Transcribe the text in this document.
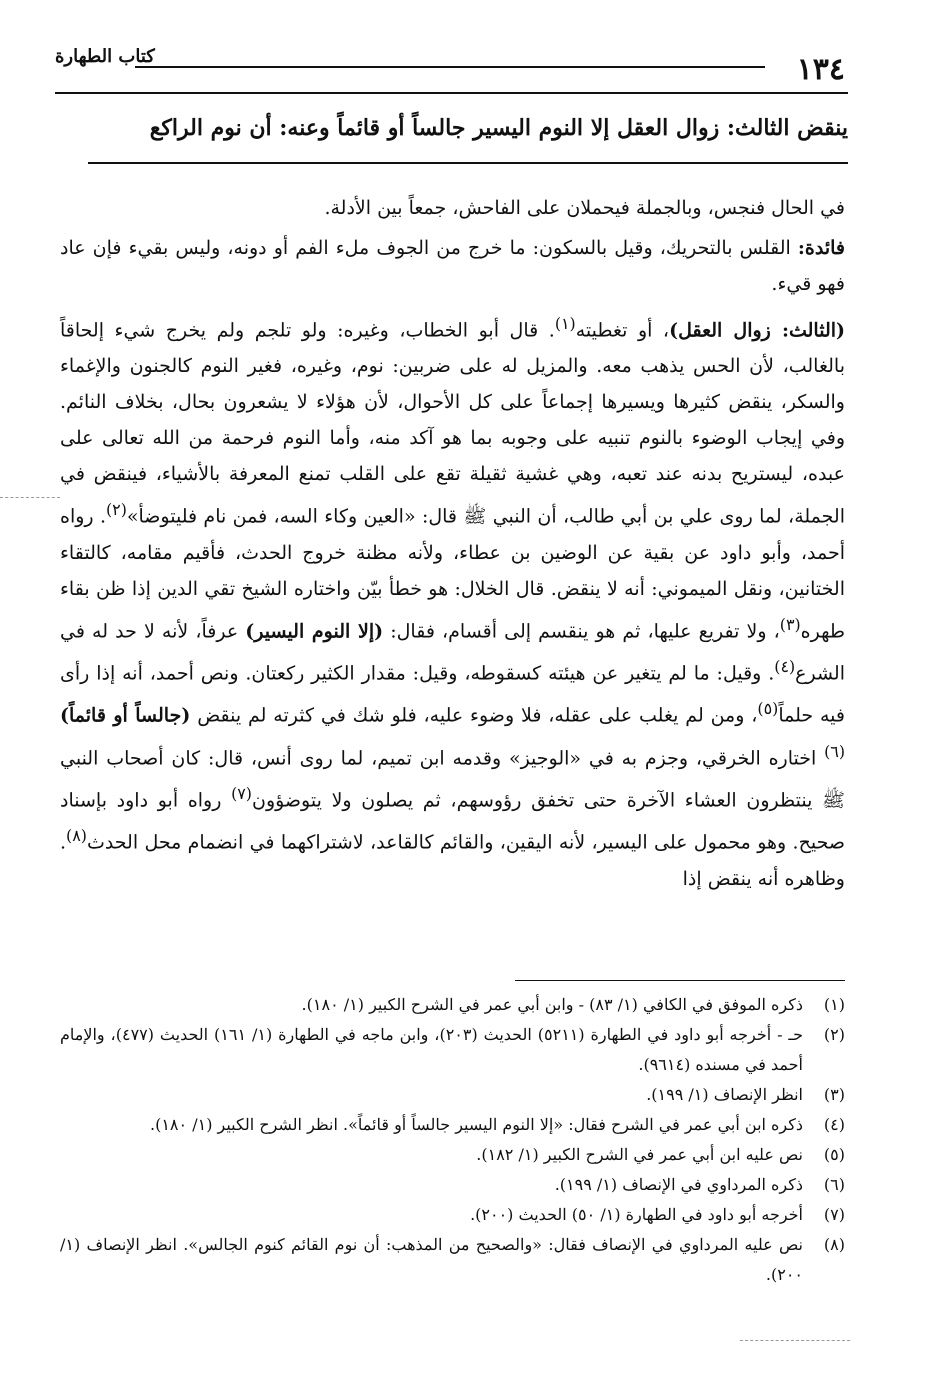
١٣٤
كتاب الطهارة
ينقض الثالث: زوال العقل إلا النوم اليسير جالساً أو قائماً وعنه: أن نوم الراكع

في الحال فنجس، وبالجملة فيحملان على الفاحش، جمعاً بين الأدلة.

فائدة: القلس بالتحريك، وقيل بالسكون: ما خرج من الجوف ملء الفم أو دونه، وليس بقيء فإن عاد فهو قيء.

(الثالث: زوال العقل)، أو تغطيته$^{(١)}$. قال أبو الخطاب، وغيره: ولو تلجم ولم يخرج شيء إلحاقاً بالغالب، لأن الحس يذهب معه. والمزيل له على ضربين: نوم، وغيره، فغير النوم كالجنون والإغماء والسكر، ينقض كثيرها ويسيرها إجماعاً على كل الأحوال، لأن هؤلاء لا يشعرون بحال، بخلاف النائم. وفي إيجاب الوضوء بالنوم تنبيه على وجوبه بما هو آكد منه، وأما النوم فرحمة من الله تعالى على عبده، ليستريح بدنه عند تعبه، وهي غشية ثقيلة تقع على القلب تمنع المعرفة بالأشياء، فينقض في الجملة، لما روى علي بن أبي طالب، أن النبي ﷺ قال: «العين وكاء السه، فمن نام فليتوضأ»$^{(٢)}$. رواه أحمد، وأبو داود عن بقية عن الوضين بن عطاء، ولأنه مظنة خروج الحدث، فأقيم مقامه، كالتقاء الختانين، ونقل الميموني: أنه لا ينقض. قال الخلال: هو خطأ بيّن واختاره الشيخ تقي الدين إذا ظن بقاء طهره$^{(٣)}$، ولا تفريع عليها، ثم هو ينقسم إلى أقسام، فقال: (إلا النوم اليسير) عرفاً، لأنه لا حد له في الشرع$^{(٤)}$. وقيل: ما لم يتغير عن هيئته كسقوطه، وقيل: مقدار الكثير ركعتان. ونص أحمد، أنه إذا رأى فيه حلماً$^{(٥)}$، ومن لم يغلب على عقله، فلا وضوء عليه، فلو شك في كثرته لم ينقض (جالساً أو قائماً)$^{(٦)}$ اختاره الخرقي، وجزم به في «الوجيز» وقدمه ابن تميم، لما روى أنس، قال: كان أصحاب النبي ﷺ ينتظرون العشاء الآخرة حتى تخفق رؤوسهم، ثم يصلون ولا يتوضؤون$^{(٧)}$ رواه أبو داود بإسناد صحيح. وهو محمول على اليسير، لأنه اليقين، والقائم كالقاعد، لاشتراكهما في انضمام محل الحدث$^{(٨)}$. وظاهره أنه ينقض إذا

(١)
ذكره الموفق في الكافي (١/ ٨٣) - وابن أبي عمر في الشرح الكبير (١/ ١٨٠).
(٢)
حـ - أخرجه أبو داود في الطهارة (٥٢١١) الحديث (٢٠٣)، وابن ماجه في الطهارة (١/ ١٦١) الحديث (٤٧٧)، والإمام أحمد في مسنده (٩٦١٤).
(٣)
انظر الإنصاف (١/ ١٩٩).
(٤)
ذكره ابن أبي عمر في الشرح فقال: «إلا النوم اليسير جالساً أو قائماً». انظر الشرح الكبير (١/ ١٨٠).
(٥)
نص عليه ابن أبي عمر في الشرح الكبير (١/ ١٨٢).
(٦)
ذكره المرداوي في الإنصاف (١/ ١٩٩).
(٧)
أخرجه أبو داود في الطهارة (١/ ٥٠) الحديث (٢٠٠).
(٨)
نص عليه المرداوي في الإنصاف فقال: «والصحيح من المذهب: أن نوم القائم كنوم الجالس». انظر الإنصاف (١/ ٢٠٠).
